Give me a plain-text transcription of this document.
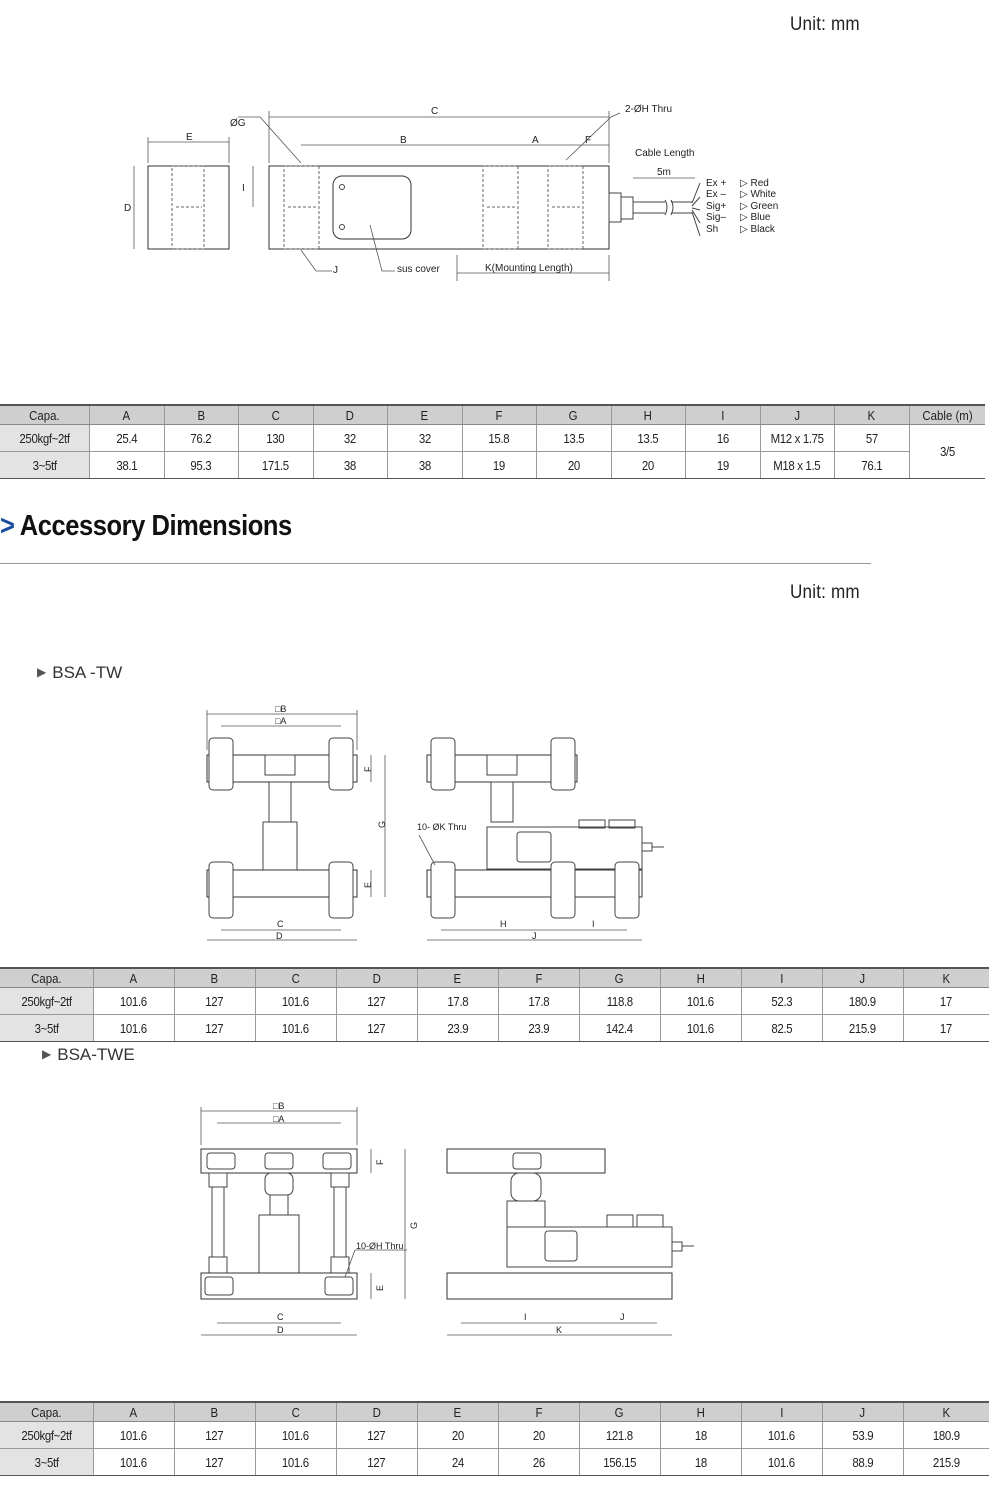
Unit: mm
C
E	B	A	F
ØG
2-ØH Thru
Cable Length
5m
D
I
J	sus cover	K(Mounting Length)
Ex + ▷ Red
Ex – ▷ White
Sig+ ▷ Green
Sig– ▷ Blue
Sh ▷ Black
Capa.	A	B	C	D	E	F	G	H	I	J	K	Cable (m)
250kgf~2tf	25.4	76.2	130	32	32	15.8	13.5	13.5	16	M12 x 1.75	57	3/5
3~5tf	38.1	95.3	171.5	38	38	19	20	20	19	M18 x 1.5	76.1	
> Accessory Dimensions
Unit: mm
▶ BSA -TW
□B
□A
F
G
E
C
D
10- ØK Thru
H	I
J
Capa.	A	B	C	D	E	F	G	H	I	J	K
250kgf~2tf	101.6	127	101.6	127	17.8	17.8	118.8	101.6	52.3	180.9	17
3~5tf	101.6	127	101.6	127	23.9	23.9	142.4	101.6	82.5	215.9	17
▶ BSA-TWE
□B
□A
F
G
10-ØH Thru
E
C
D
I	J
K
Capa.	A	B	C	D	E	F	G	H	I	J	K
250kgf~2tf	101.6	127	101.6	127	20	20	121.8	18	101.6	53.9	180.9
3~5tf	101.6	127	101.6	127	24	26	156.15	18	101.6	88.9	215.9
